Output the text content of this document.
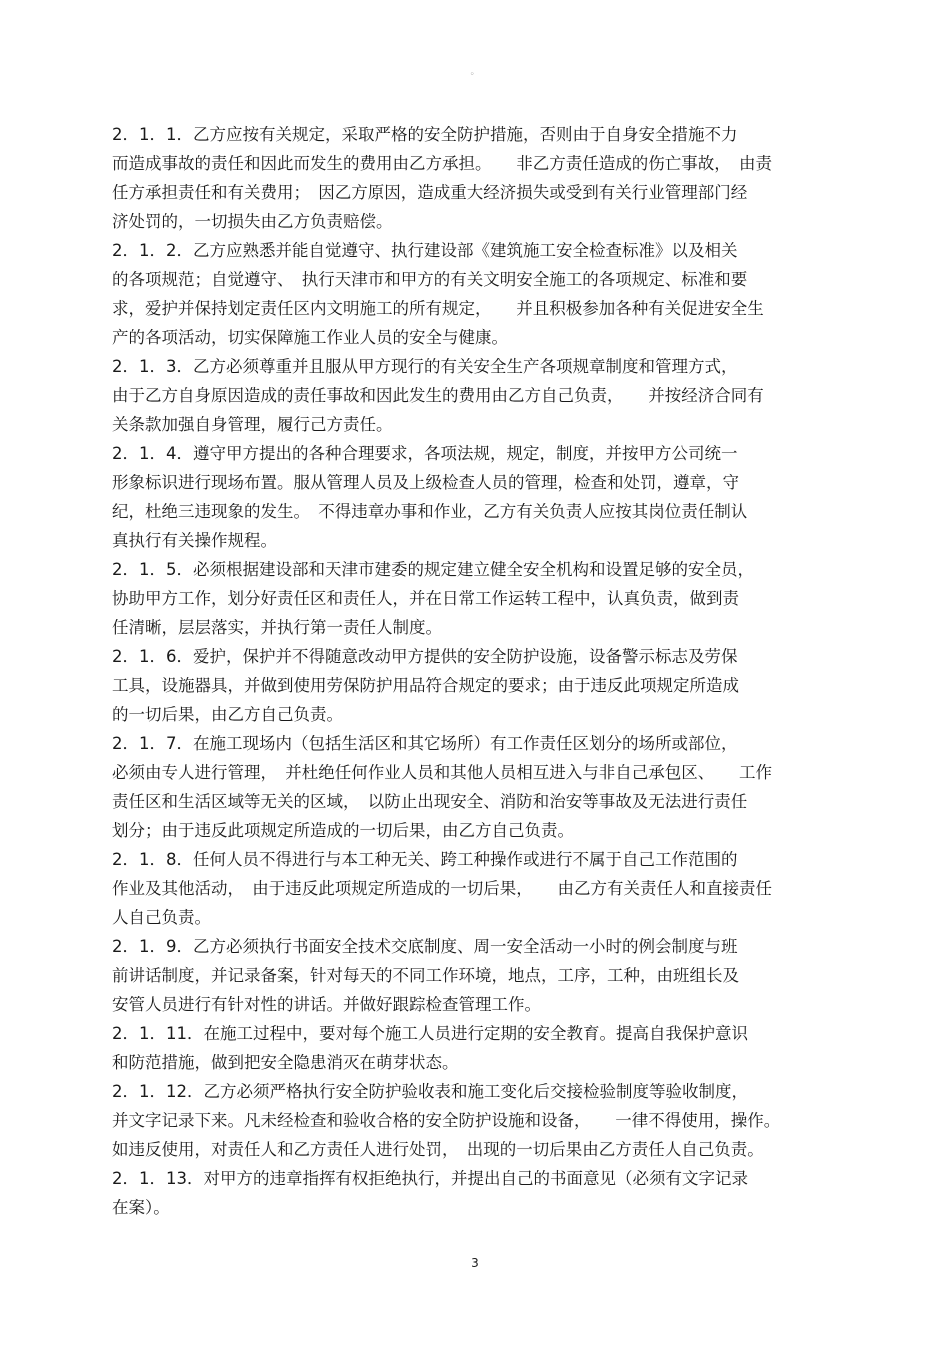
。
2．1．1．乙方应按有关规定，采取严格的安全防护措施，否则由于自身安全措施不力
而造成事故的责任和因此而发生的费用由乙方承担。　　非乙方责任造成的伤亡事故，　由责
任方承担责任和有关费用；　因乙方原因，造成重大经济损失或受到有关行业管理部门经
济处罚的，一切损失由乙方负责赔偿。
2．1．2．乙方应熟悉并能自觉遵守、执行建设部《建筑施工安全检查标准》以及相关
的各项规范；自觉遵守、　执行天津市和甲方的有关文明安全施工的各项规定、标准和要
求，爱护并保持划定责任区内文明施工的所有规定，　　并且积极参加各种有关促进安全生
产的各项活动，切实保障施工作业人员的安全与健康。
2．1．3．乙方必须尊重并且服从甲方现行的有关安全生产各项规章制度和管理方式，
由于乙方自身原因造成的责任事故和因此发生的费用由乙方自己负责，　　并按经济合同有
关条款加强自身管理，履行己方责任。
2．1．4．遵守甲方提出的各种合理要求，各项法规，规定，制度，并按甲方公司统一
形象标识进行现场布置。服从管理人员及上级检查人员的管理，检查和处罚，遵章，守
纪，杜绝三违现象的发生。　不得违章办事和作业，乙方有关负责人应按其岗位责任制认
真执行有关操作规程。
2．1．5．必须根据建设部和天津市建委的规定建立健全安全机构和设置足够的安全员，
协助甲方工作，划分好责任区和责任人，并在日常工作运转工程中，认真负责，做到责
任清晰，层层落实，并执行第一责任人制度。
2．1．6．爱护，保护并不得随意改动甲方提供的安全防护设施，设备警示标志及劳保
工具，设施器具，并做到使用劳保防护用品符合规定的要求；由于违反此项规定所造成
的一切后果，由乙方自己负责。
2．1．7．在施工现场内（包括生活区和其它场所）有工作责任区划分的场所或部位，
必须由专人进行管理，　并杜绝任何作业人员和其他人员相互进入与非自己承包区、　　工作
责任区和生活区域等无关的区域，　以防止出现安全、消防和治安等事故及无法进行责任
划分；由于违反此项规定所造成的一切后果，由乙方自己负责。
2．1．8．任何人员不得进行与本工种无关、跨工种操作或进行不属于自己工作范围的
作业及其他活动，　由于违反此项规定所造成的一切后果，　　由乙方有关责任人和直接责任
人自己负责。
2．1．9．乙方必须执行书面安全技术交底制度、周一安全活动一小时的例会制度与班
前讲话制度，并记录备案，针对每天的不同工作环境，地点，工序，工种，由班组长及
安管人员进行有针对性的讲话。并做好跟踪检查管理工作。
2．1．11．在施工过程中，要对每个施工人员进行定期的安全教育。提高自我保护意识
和防范措施，做到把安全隐患消灭在萌芽状态。
2．1．12．乙方必须严格执行安全防护验收表和施工变化后交接检验制度等验收制度，
并文字记录下来。凡未经检查和验收合格的安全防护设施和设备，　　一律不得使用，操作。
如违反使用，对责任人和乙方责任人进行处罚，　出现的一切后果由乙方责任人自己负责。
2．1．13．对甲方的违章指挥有权拒绝执行，并提出自己的书面意见（必须有文字记录
在案）。
3
